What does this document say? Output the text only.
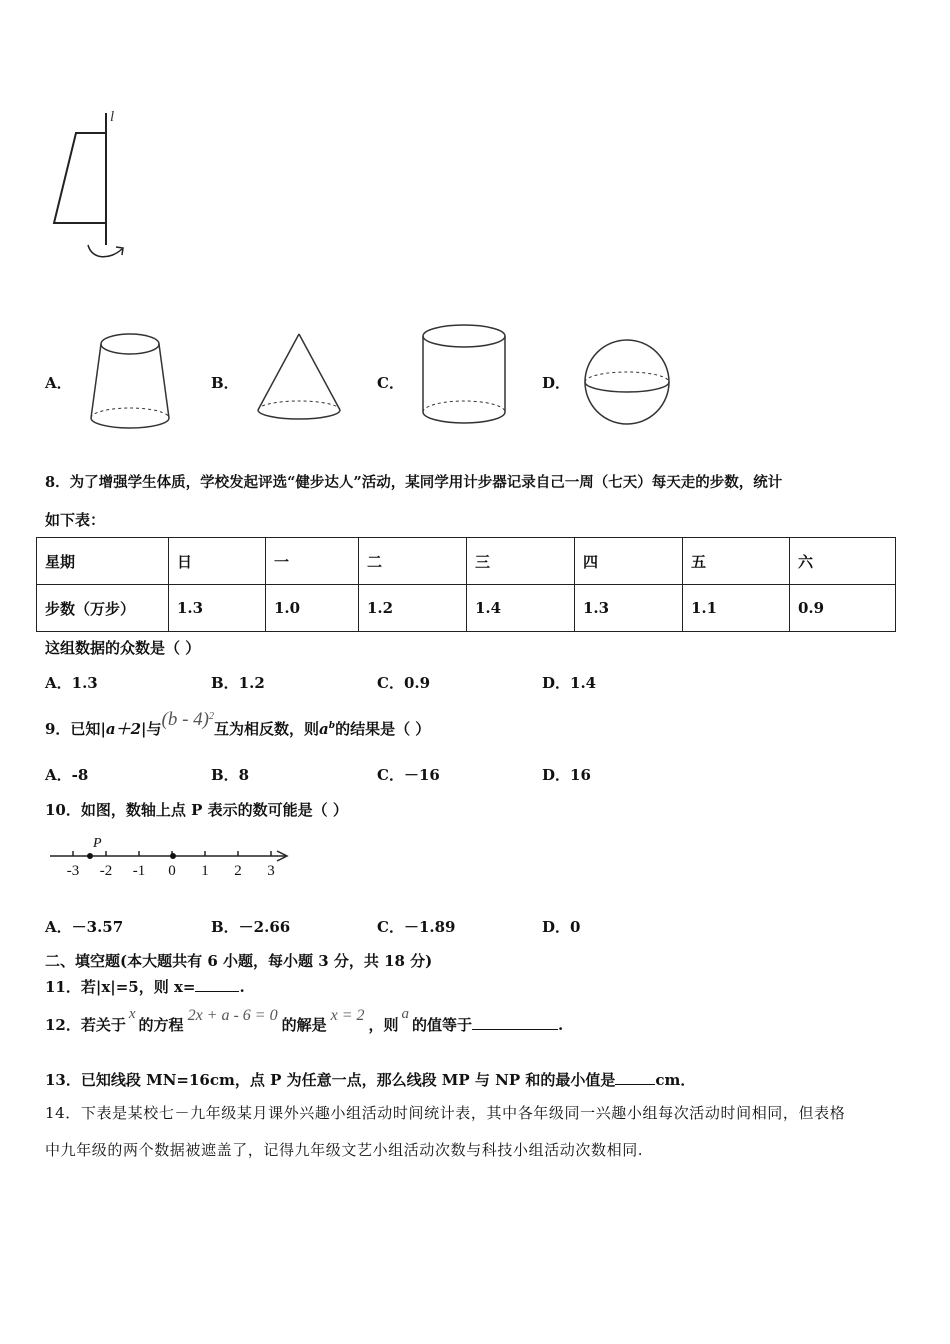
l
A．	B．	C．	D．
8．为了增强学生体质，学校发起评选“健步达人”活动，某同学用计步器记录自己一周（七天）每天走的步数，统计
如下表：
星期	日	一	二	三	四	五	六
步数（万步）	1.3	1.0	1.2	1.4	1.3	1.1	0.9
这组数据的众数是（ ）
A．1.3	B．1.2	C．0.9	D．1.4
9．已知|a＋2|与(b - 4)$^2$互为相反数，则$a^b$的结果是（ ）
A．-8	B．8	C．－16	D．16
10．如图，数轴上点 P 表示的数可能是（ ）
-3 -2 -1 0 1 2 3
P
A．－3.57	B．－2.66	C．－1.89	D．0
二、填空题(本大题共有 6 小题，每小题 3 分，共 18 分)
11．若|x|=5，则 x=	.
12．若关于x的方程2x + a - 6 = 0的解是x = 2，则a的值等于	.
13．已知线段 MN=16cm，点 P 为任意一点，那么线段 MP 与 NP 和的最小值是	cm．
14．下表是某校七－九年级某月课外兴趣小组活动时间统计表，其中各年级同一兴趣小组每次活动时间相同，但表格
中九年级的两个数据被遮盖了，记得九年级文艺小组活动次数与科技小组活动次数相同.
